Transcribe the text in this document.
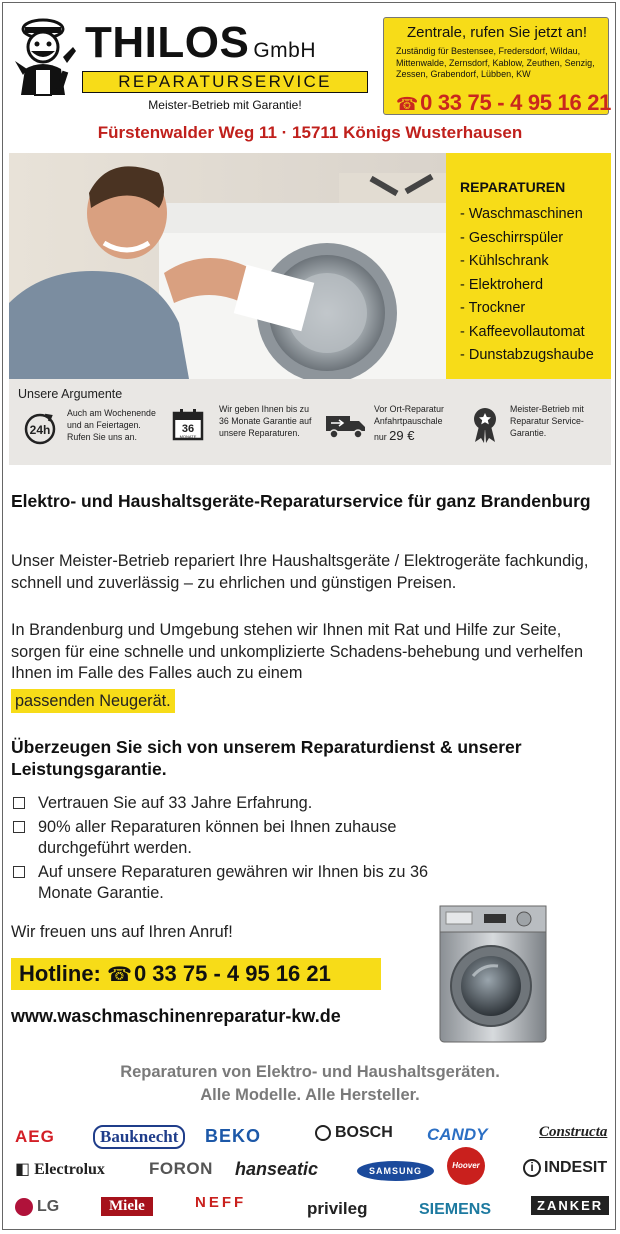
THILOS GmbH
REPARATURSERVICE
Meister-Betrieb mit Garantie!
Zentrale, rufen Sie jetzt an!
Zuständig für Bestensee, Fredersdorf, Wildau, Mittenwalde, Zernsdorf, Kablow, Zeuthen, Senzig, Zessen, Grabendorf, Lübben, KW
☎0 33 75 - 4 95 16 21
Fürstenwalder Weg 11 · 15711 Königs Wusterhausen
REPARATUREN
- Waschmaschinen
- Geschirrspüler
- Kühlschrank
- Elektroherd
- Trockner
- Kaffeevollautomat
- Dunstabzugshaube
Unsere Argumente
24h
Auch am Wochenende und an Feiertagen. Rufen Sie uns an.
36
MONATE
Wir geben Ihnen bis zu 36 Monate Garantie auf unsere Reparaturen.
Vor Ort-Reparatur Anfahrtpauschale
nur 29 €
Meister-Betrieb mit Reparatur Service-Garantie.
Elektro- und Haushaltsgeräte-Reparaturservice für ganz Brandenburg
Unser Meister-Betrieb repariert Ihre Haushaltsgeräte / Elektrogeräte fachkundig, schnell und zuverlässig – zu ehrlichen und günstigen Preisen.
In Brandenburg und Umgebung stehen wir Ihnen mit Rat und Hilfe zur Seite, sorgen für eine schnelle und unkomplizierte Schadens-behebung und verhelfen Ihnen im Falle des Falles auch zu einem
passenden Neugerät.
Überzeugen Sie sich von unserem Reparaturdienst & unserer Leistungsgarantie.
Vertrauen Sie auf 33 Jahre Erfahrung.
90% aller Reparaturen können bei Ihnen zuhause durchgeführt werden.
Auf unsere Reparaturen gewähren wir Ihnen bis zu 36 Monate Garantie.
Wir freuen uns auf Ihren Anruf!
Hotline: ☎0 33 75 - 4 95 16 21
www.waschmaschinenreparatur-kw.de
Reparaturen von Elektro- und Haushaltsgeräten.
Alle Modelle. Alle Hersteller.
AEG	Bauknecht	BEKO	BOSCH CANDY	Constructa
◧ Electrolux	FORON hanseatic	SAMSUNG
Hoover	i INDESIT
LG	Miele	NEFF	privileg	SIEMENS	ZANKER
